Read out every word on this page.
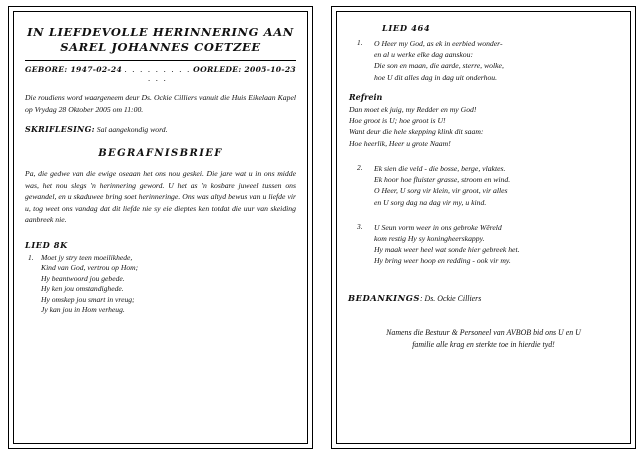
IN LIEFDEVOLLE HERINNERING AAN
SAREL JOHANNES COETZEE
GEBORE: 1947-02-24 . . . . . . . . . . . .
OORLEDE: 2005-10-23
Die roudiens word waargeneem deur Ds. Ockie Cilliers vanuit die Huis Eikelaan Kapel op Vrydag 28 Oktober 2005 om 11:00.
SKRIFLESING: Sal aangekondig word.
BEGRAFNISBRIEF
Pa, die gedwe van die ewige oseaan het ons nou geskei. Die jare wat u in ons midde was, het nou slegs 'n herinnering geword. U het as 'n kosbare juweel tussen ons gewandel, en u skaduwee bring soet herinneringe. Ons was altyd bewus van u liefde vir u, tog weet ons vandag dat dit liefde nie sy eie dieptes ken totdat die uur van skeiding aanbreek nie.
LIED 8K
1. Moet jy stry teen moeilikhede,
Kind van God, vertrou op Hom;
Hy beantwoord jou gebede.
Hy ken jou omstandighede.
Hy omskep jou smart in vreug;
Jy kan jou in Hom verheug.
LIED 464
1.	O Heer my God, as ek in eerbied wonder-
en al u werke elke dag aanskou:
Die son en maan, die aarde, sterre, wolke,
hoe U dit alles dag in dag uit onderhou.
Refrein
Dan moet ek juig, my Redder en my God!
Hoe groot is U; hoe groot is U!
Want deur die hele skepping klink dit saam:
Hoe heerlik, Heer u grote Naam!
2.	Ek sien die veld - die bosse, berge, vlaktes.
Ek hoor hoe fluister grasse, stroom en wind.
O Heer, U sorg vir klein, vir groot, vir alles
en U sorg dag na dag vir my, u kind.
3.	U Seun vorm weer in ons gebroke Wêreld
kom restig Hy sy koningheerskappy.
Hy maak weer heel wat sonde hier gebreek het.
Hy bring weer hoop en redding - ook vir my.
BEDANKINGS: Ds. Ockie Cilliers
Namens die Bestuur & Personeel van AVBOB bid ons U en U
familie alle krag en sterkte toe in hierdie tyd!
